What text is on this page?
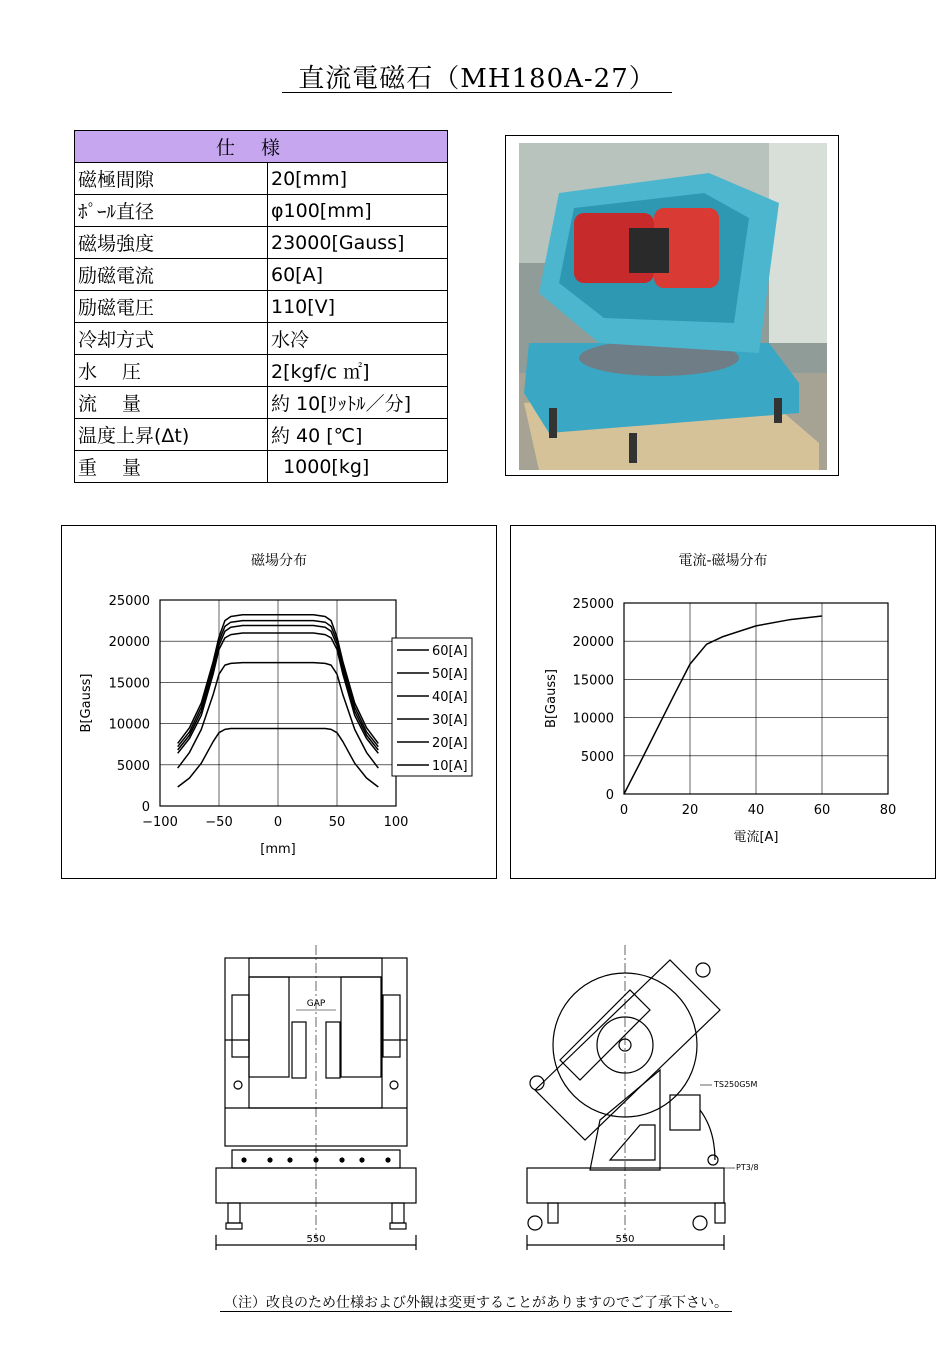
直流電磁石（MH180A-27）
仕様	
磁極間隙	20[mm]
ﾎﾟｰﾙ直径	φ100[mm]
磁場強度	23000[Gauss]
励磁電流	60[A]
励磁電圧	110[V]
冷却方式	水冷
水　 圧	2[kgf/c ㎡]
流　 量	約 10[ﾘｯﾄﾙ／分]
温度上昇(Δt)	約 40 [℃]
重　 量	1000[kg]
磁場分布
−100 −50	0	50	100
0
5000
10000
15000
20000
25000
[mm]
B[Gauss]
60[A]
50[A]
40[A]
30[A]
20[A]
10[A]
電流-磁場分布
0	20	40	60	80
0
5000
10000
15000
20000
25000
電流[A]
B[Gauss]
GAP
550
TS250G5M
PT3/8
550
（注）改良のため仕様および外観は変更することがありますのでご了承下さい。
